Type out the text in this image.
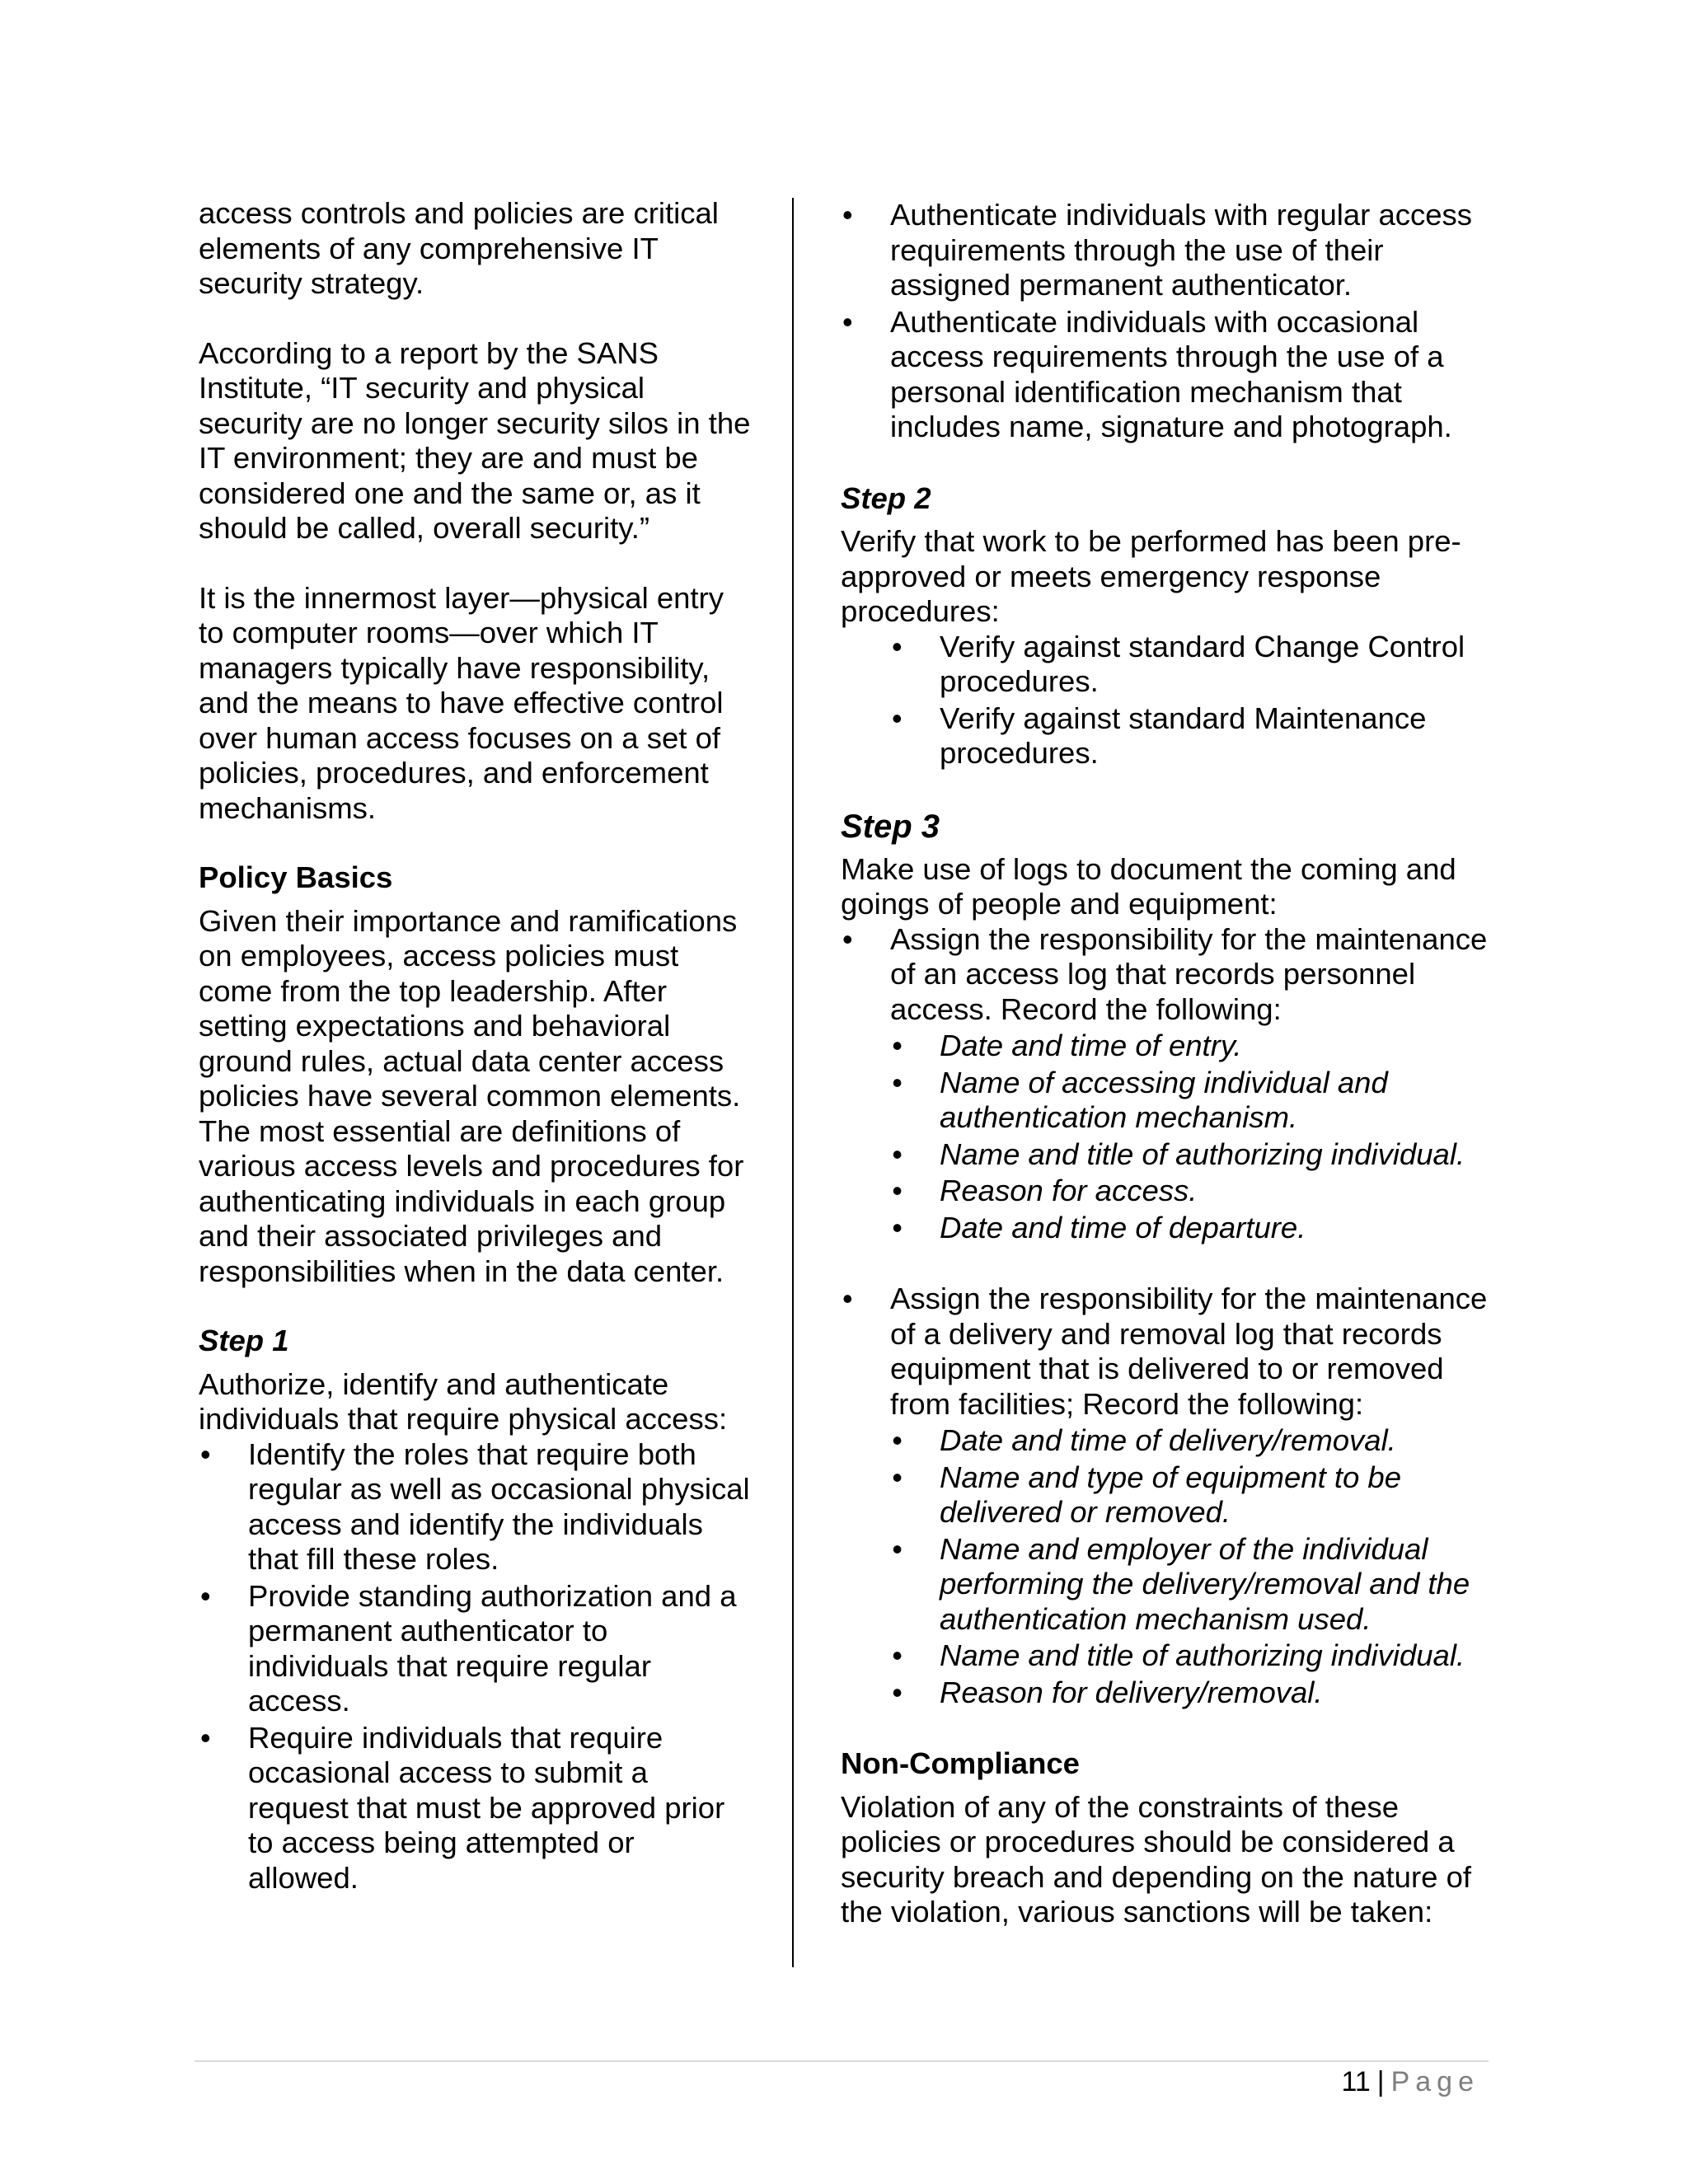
access controls and policies are critical elements of any comprehensive IT security strategy.

According to a report by the SANS Institute, “IT security and physical security are no longer security silos in the IT environment; they are and must be considered one and the same or, as it should be called, overall security.”

It is the innermost layer—physical entry to computer rooms—over which IT managers typically have responsibility, and the means to have effective control over human access focuses on a set of policies, procedures, and enforcement mechanisms.

Policy Basics

Given their importance and ramifications on employees, access policies must come from the top leadership. After setting expectations and behavioral ground rules, actual data center access policies have several common elements. The most essential are definitions of various access levels and procedures for authenticating individuals in each group and their associated privileges and responsibilities when in the data center.

Step 1

Authorize, identify and authenticate individuals that require physical access:

• Identify the roles that require both regular as well as occasional physical access and identify the individuals that fill these roles.
• Provide standing authorization and a permanent authenticator to individuals that require regular access.
• Require individuals that require occasional access to submit a request that must be approved prior to access being attempted or allowed.
• Authenticate individuals with regular access requirements through the use of their assigned permanent authenticator.
• Authenticate individuals with occasional access requirements through the use of a personal identification mechanism that includes name, signature and photograph.

Step 2

Verify that work to be performed has been pre-approved or meets emergency response procedures:

• Verify against standard Change Control procedures.
• Verify against standard Maintenance procedures.

Step 3

Make use of logs to document the coming and goings of people and equipment:

• Assign the responsibility for the maintenance of an access log that records personnel access. Record the following:
• Date and time of entry.
• Name of accessing individual and authentication mechanism.
• Name and title of authorizing individual.
• Reason for access.
• Date and time of departure.
• Assign the responsibility for the maintenance of a delivery and removal log that records equipment that is delivered to or removed from facilities; Record the following:
• Date and time of delivery/removal.
• Name and type of equipment to be delivered or removed.
• Name and employer of the individual performing the delivery/removal and the authentication mechanism used.
• Name and title of authorizing individual.
• Reason for delivery/removal.

Non-Compliance

Violation of any of the constraints of these policies or procedures should be considered a security breach and depending on the nature of the violation, various sanctions will be taken:

11 | Page
